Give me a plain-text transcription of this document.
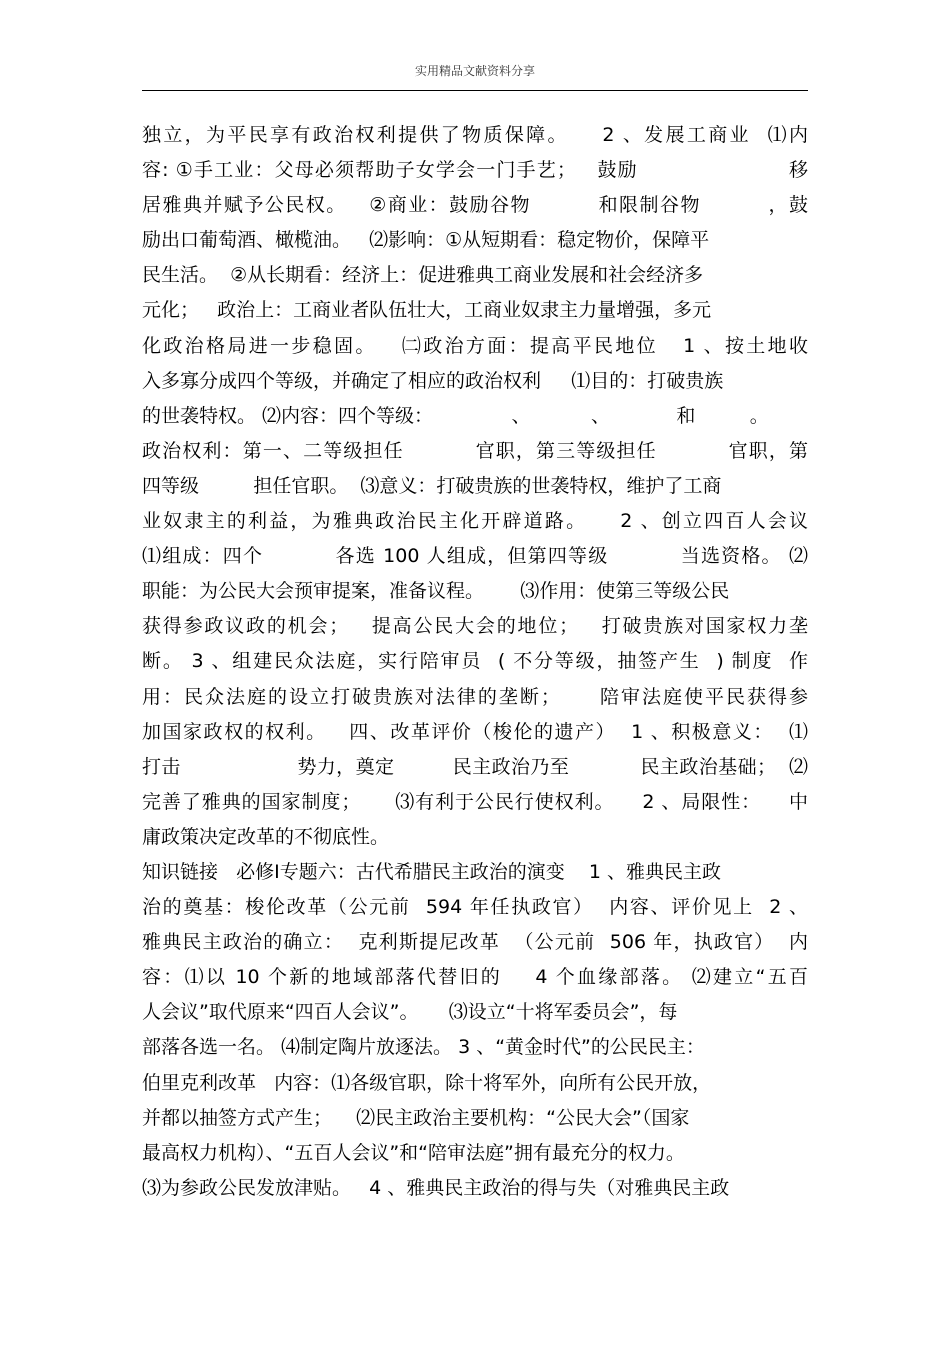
实用精品文献资料分享
独立，为平民享有政治权利提供了物质保障。    2 、发展工商业  ⑴内
容: ①手工业：父母必须帮助子女学会一门手艺；   鼓励                     移
居雅典并赋予公民权。   ②商业：鼓励谷物         和限制谷物         ，鼓
励出口葡萄酒、橄榄油。   ⑵影响：①从短期看：稳定物价，保障平
民生活。  ②从长期看：经济上：促进雅典工商业发展和社会经济多
元化；   政治上：工商业者队伍壮大，工商业奴隶主力量增强，多元
化政治格局进一步稳固。   ㈡政治方面：提高平民地位   1 、按土地收
入多寡分成四个等级，并确定了相应的政治权利     ⑴目的：打破贵族
的世袭特权。 ⑵内容：四个等级：             、          、           和         。
政治权利：第一、二等级担任          官职，第三等级担任          官职，第
四等级         担任官职。  ⑶意义：打破贵族的世袭特权，维护了工商
业奴隶主的利益，为雅典政治民主化开辟道路。    2 、创立四百人会议
⑴组成：四个          各选 100 人组成，但第四等级          当选资格。 ⑵
职能：为公民大会预审提案，准备议程。      ⑶作用：使第三等级公民
获得参政议政的机会；   提高公民大会的地位；   打破贵族对国家权力垄
断。 3 、组建民众法庭，实行陪审员  ( 不分等级，抽签产生  ) 制度  作
用：民众法庭的设立打破贵族对法律的垄断；     陪审法庭使平民获得参
加国家政权的权利。   四、改革评价（梭伦的遗产）  1 、积极意义：  ⑴
打击                  势力，奠定         民主政治乃至           民主政治基础；  ⑵
完善了雅典的国家制度；     ⑶有利于公民行使权利。    2 、局限性：    中
庸政策决定改革的不彻底性。
知识链接   必修Ⅰ专题六：古代希腊民主政治的演变    1 、雅典民主政
治的奠基：梭伦改革（公元前  594 年任执政官）  内容、评价见上  2 、
雅典民主政治的确立：  克利斯提尼改革  （公元前  506 年，执政官）  内
容：⑴以 10 个新的地域部落代替旧的    4 个血缘部落。 ⑵建立“五百
人会议”取代原来“四百人会议”。     ⑶设立“十将军委员会”，每
部落各选一名。 ⑷制定陶片放逐法。 3 、“黄金时代”的公民民主：
伯里克利改革   内容：⑴各级官职，除十将军外，向所有公民开放，
并都以抽签方式产生；    ⑵民主政治主要机构：“公民大会”（国家
最高权力机构）、“五百人会议”和“陪审法庭”拥有最充分的权力。
⑶为参政公民发放津贴。   4 、雅典民主政治的得与失（对雅典民主政
